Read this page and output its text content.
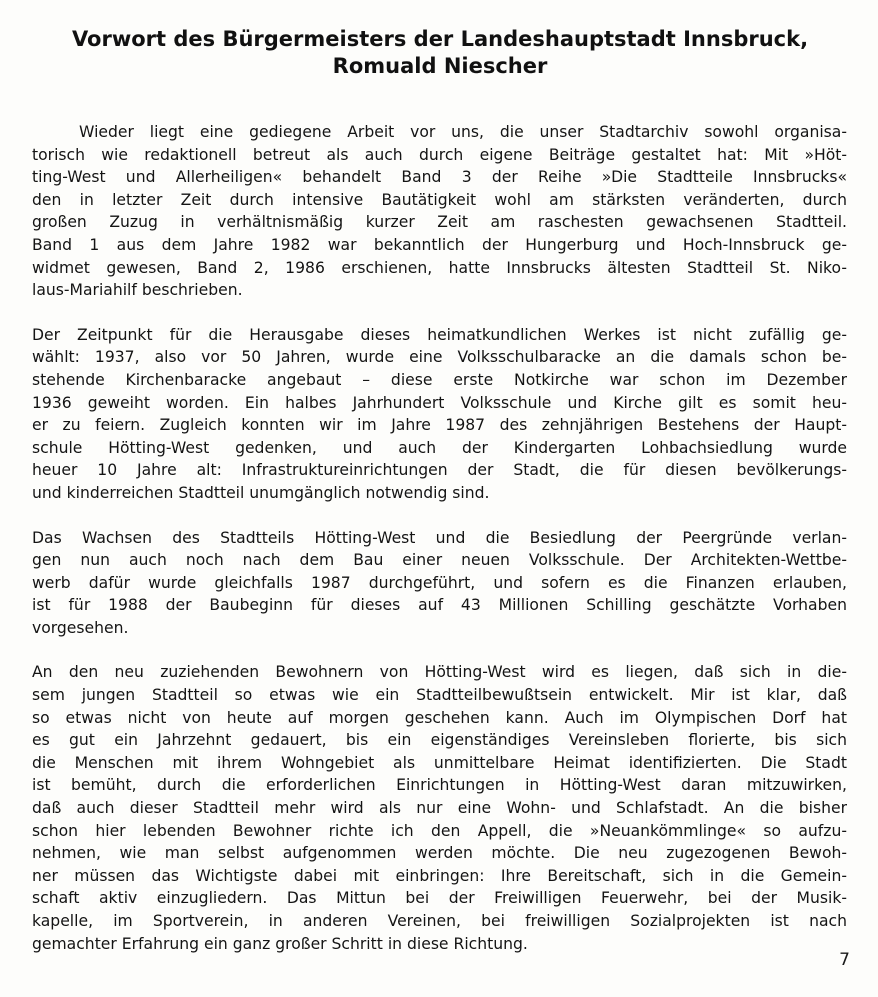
Vorwort des Bürgermeisters der Landeshauptstadt Innsbruck,
Romuald Niescher

Wieder liegt eine gediegene Arbeit vor uns, die unser Stadtarchiv sowohl organisa-
torisch wie redaktionell betreut als auch durch eigene Beiträge gestaltet hat: Mit »Höt-
ting-West und Allerheiligen« behandelt Band 3 der Reihe »Die Stadtteile Innsbrucks«
den in letzter Zeit durch intensive Bautätigkeit wohl am stärksten veränderten, durch
großen Zuzug in verhältnismäßig kurzer Zeit am raschesten gewachsenen Stadtteil.
Band 1 aus dem Jahre 1982 war bekanntlich der Hungerburg und Hoch-Innsbruck ge-
widmet gewesen, Band 2, 1986 erschienen, hatte Innsbrucks ältesten Stadtteil St. Niko-
laus-Mariahilf beschrieben.

Der Zeitpunkt für die Herausgabe dieses heimatkundlichen Werkes ist nicht zufällig ge-
wählt: 1937, also vor 50 Jahren, wurde eine Volksschulbaracke an die damals schon be-
stehende Kirchenbaracke angebaut – diese erste Notkirche war schon im Dezember
1936 geweiht worden. Ein halbes Jahrhundert Volksschule und Kirche gilt es somit heu-
er zu feiern. Zugleich konnten wir im Jahre 1987 des zehnjährigen Bestehens der Haupt-
schule Hötting-West gedenken, und auch der Kindergarten Lohbachsiedlung wurde
heuer 10 Jahre alt: Infrastruktureinrichtungen der Stadt, die für diesen bevölkerungs-
und kinderreichen Stadtteil unumgänglich notwendig sind.

Das Wachsen des Stadtteils Hötting-West und die Besiedlung der Peergründe verlan-
gen nun auch noch nach dem Bau einer neuen Volksschule. Der Architekten-Wettbe-
werb dafür wurde gleichfalls 1987 durchgeführt, und sofern es die Finanzen erlauben,
ist für 1988 der Baubeginn für dieses auf 43 Millionen Schilling geschätzte Vorhaben
vorgesehen.

An den neu zuziehenden Bewohnern von Hötting-West wird es liegen, daß sich in die-
sem jungen Stadtteil so etwas wie ein Stadtteilbewußtsein entwickelt. Mir ist klar, daß
so etwas nicht von heute auf morgen geschehen kann. Auch im Olympischen Dorf hat
es gut ein Jahrzehnt gedauert, bis ein eigenständiges Vereinsleben florierte, bis sich
die Menschen mit ihrem Wohngebiet als unmittelbare Heimat identifizierten. Die Stadt
ist bemüht, durch die erforderlichen Einrichtungen in Hötting-West daran mitzuwirken,
daß auch dieser Stadtteil mehr wird als nur eine Wohn- und Schlafstadt. An die bisher
schon hier lebenden Bewohner richte ich den Appell, die »Neuankömmlinge« so aufzu-
nehmen, wie man selbst aufgenommen werden möchte. Die neu zugezogenen Bewoh-
ner müssen das Wichtigste dabei mit einbringen: Ihre Bereitschaft, sich in die Gemein-
schaft aktiv einzugliedern. Das Mittun bei der Freiwilligen Feuerwehr, bei der Musik-
kapelle, im Sportverein, in anderen Vereinen, bei freiwilligen Sozialprojekten ist nach
gemachter Erfahrung ein ganz großer Schritt in diese Richtung.

7
